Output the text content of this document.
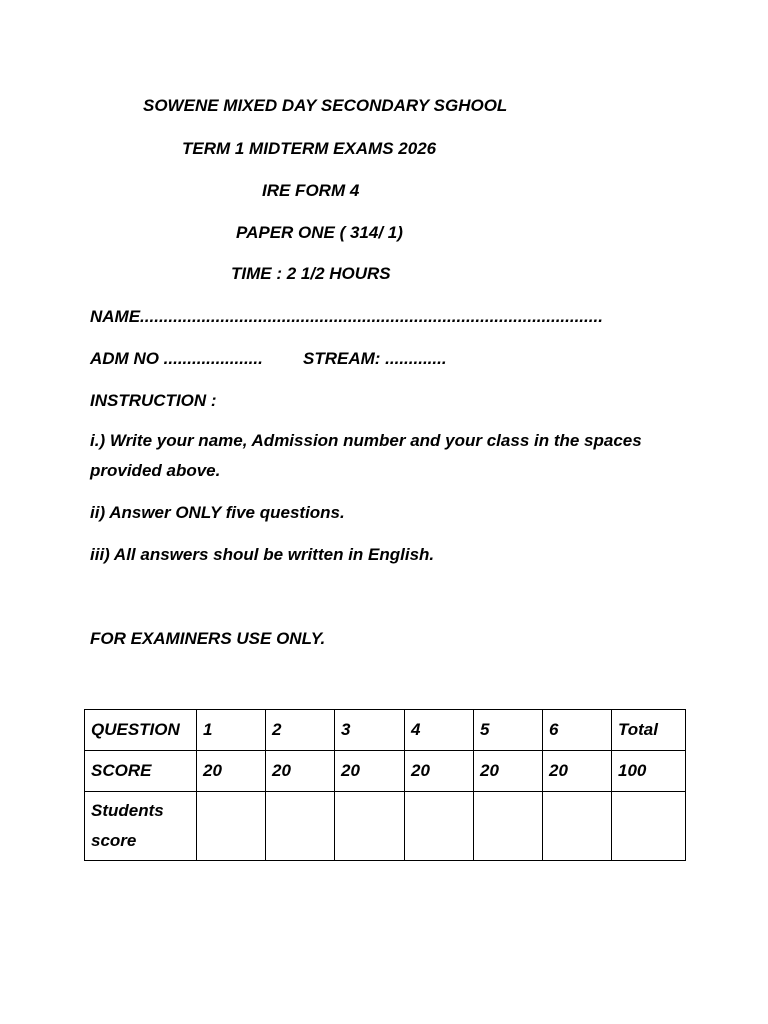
SOWENE MIXED DAY SECONDARY SGHOOL
TERM 1 MIDTERM EXAMS 2026
IRE FORM 4
PAPER ONE ( 314/ 1)
TIME : 2 1/2 HOURS
NAME..................................................................................................
ADM NO ..................... STREAM: .............
INSTRUCTION :
i.) Write your name, Admission number and your class in the spaces provided above.
ii) Answer ONLY five questions.
iii) All answers shoul be written in English.
FOR EXAMINERS USE ONLY.
QUESTION	1	2	3	4	5	6	Total
SCORE	20	20	20	20	20	20	100
Students score							
